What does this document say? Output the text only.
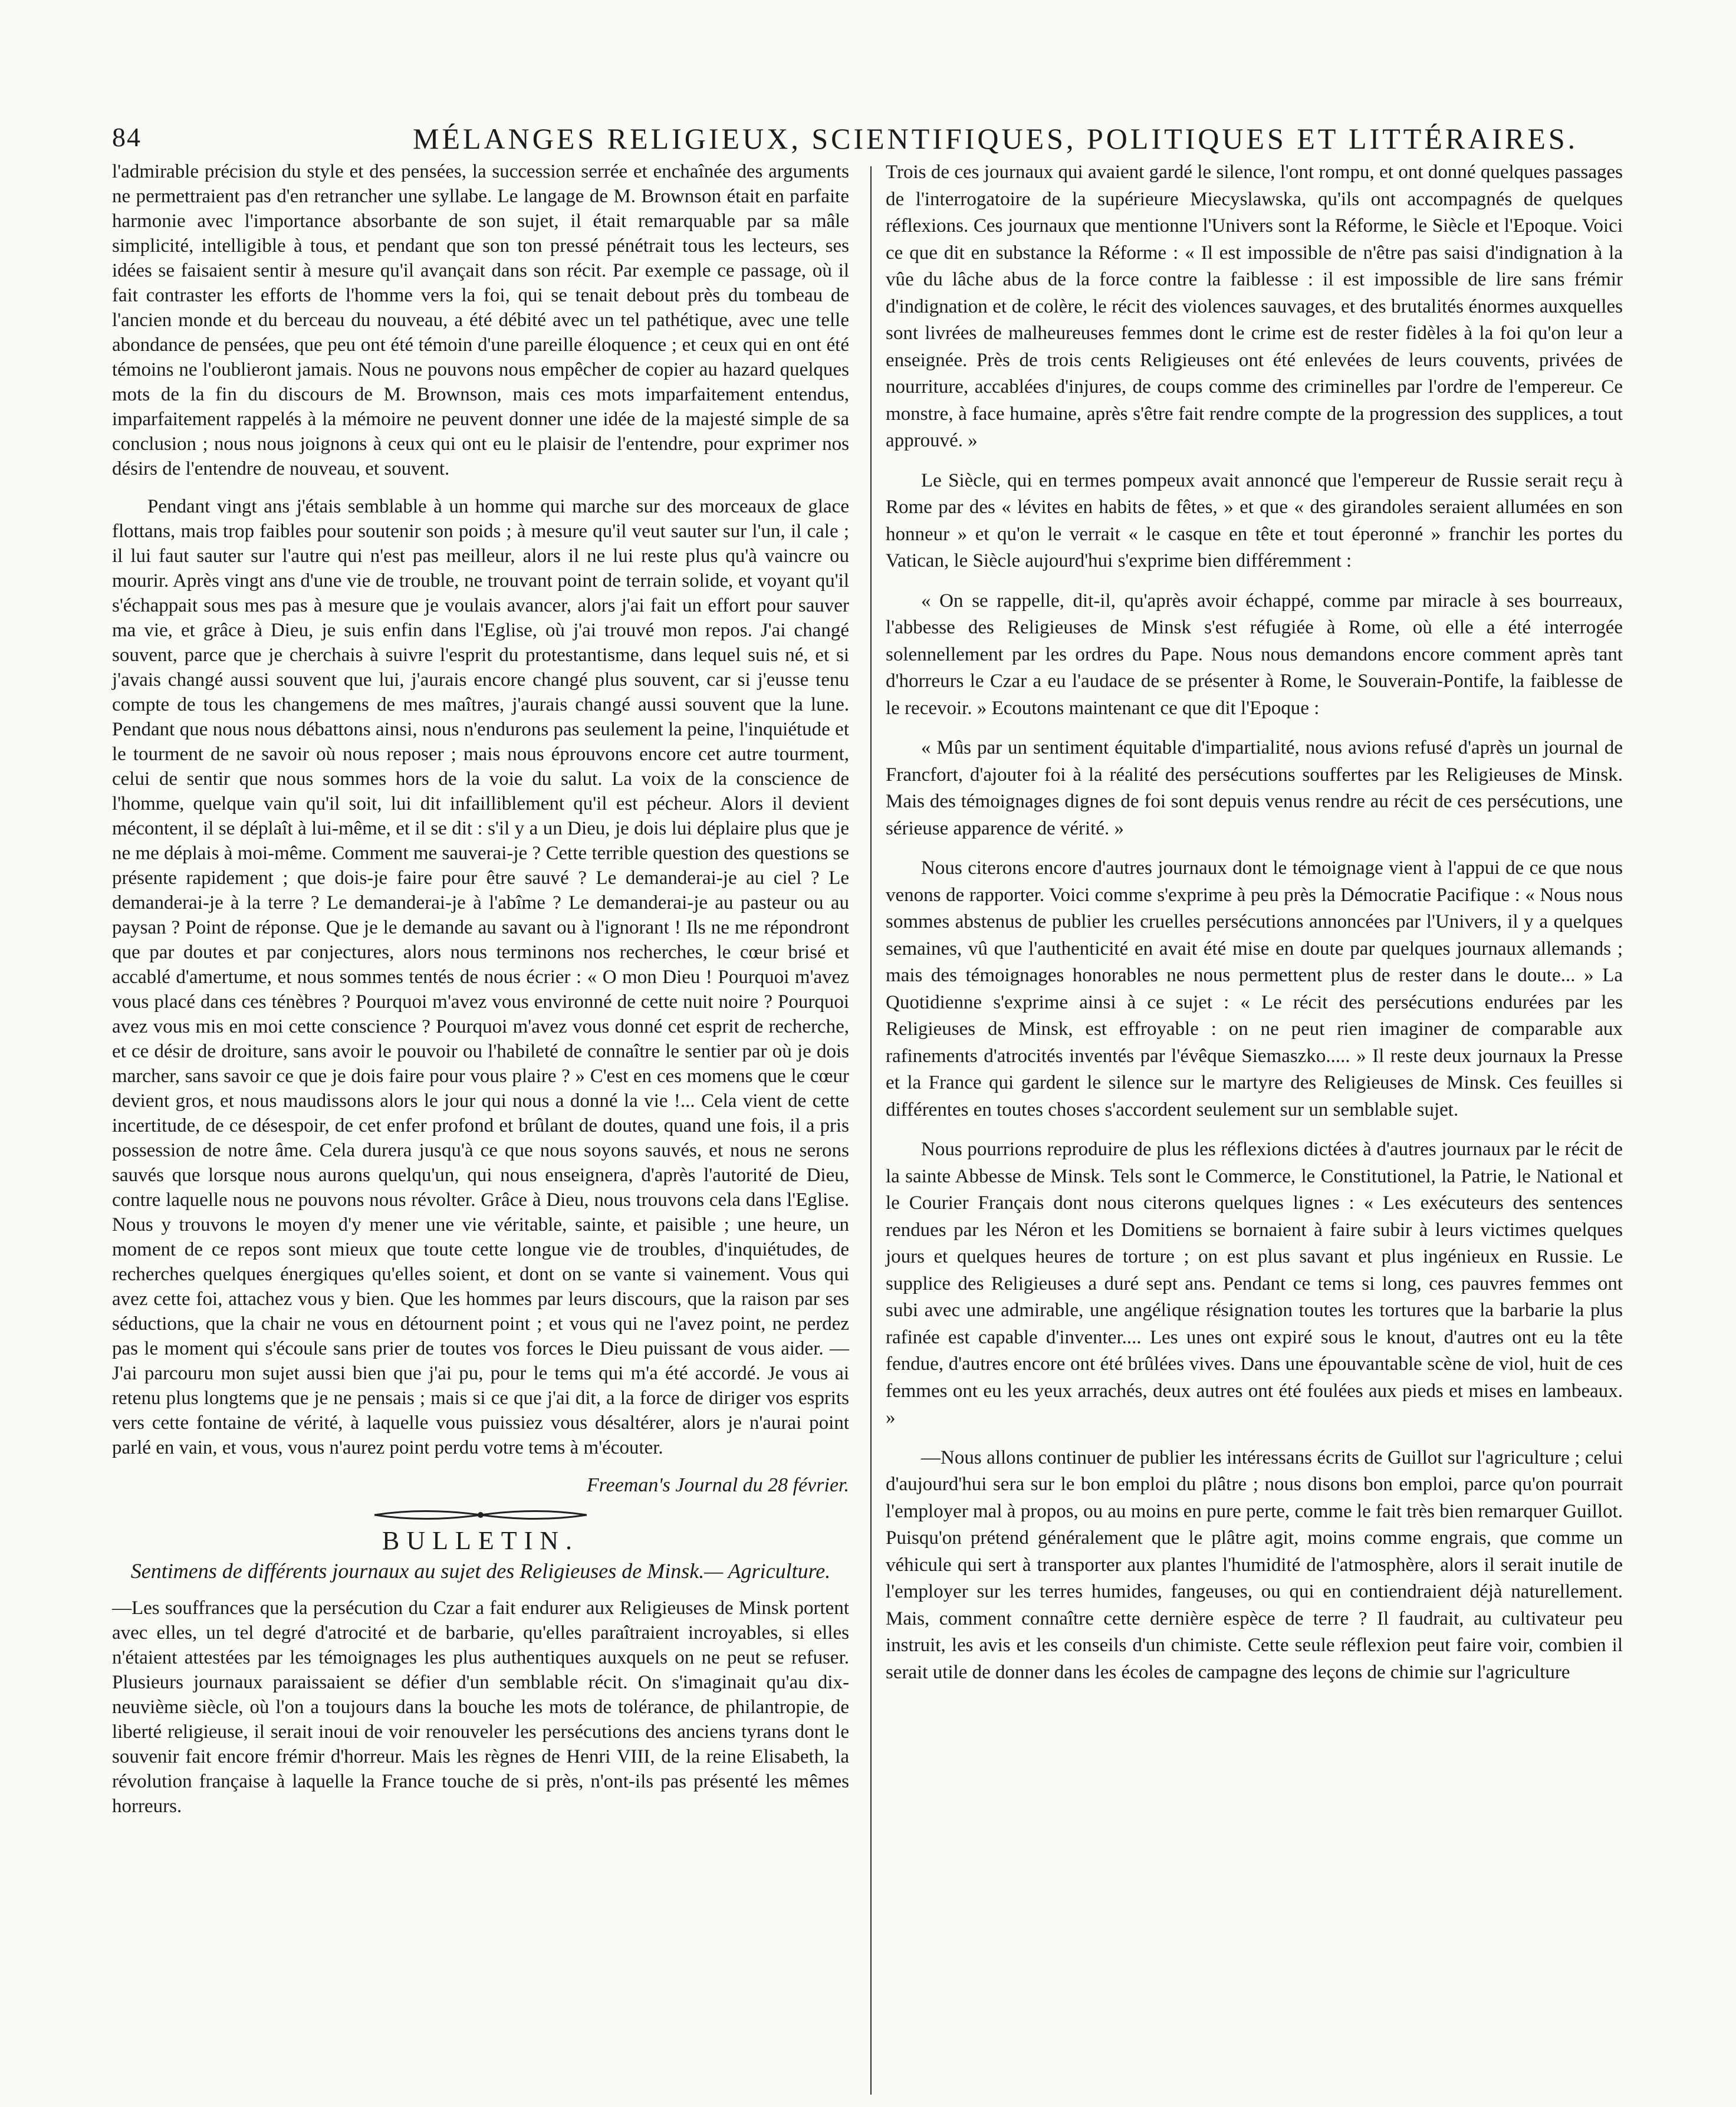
84	MÉLANGES RELIGIEUX, SCIENTIFIQUES, POLITIQUES ET LITTÉRAIRES.

l'admirable précision du style et des pensées, la succession serrée et enchaînée des arguments ne permettraient pas d'en retrancher une syllabe. Le langage de M. Brownson était en parfaite harmonie avec l'importance absorbante de son sujet, il était remarquable par sa mâle simplicité, intelligible à tous, et pendant que son ton pressé pénétrait tous les lecteurs, ses idées se faisaient sentir à mesure qu'il avançait dans son récit. Par exemple ce passage, où il fait contraster les efforts de l'homme vers la foi, qui se tenait debout près du tombeau de l'ancien monde et du berceau du nouveau, a été débité avec un tel pathétique, avec une telle abondance de pensées, que peu ont été témoin d'une pareille éloquence ; et ceux qui en ont été témoins ne l'oublieront jamais. Nous ne pouvons nous empêcher de copier au hazard quelques mots de la fin du discours de M. Brownson, mais ces mots imparfaitement entendus, imparfaitement rappelés à la mémoire ne peuvent donner une idée de la majesté simple de sa conclusion ; nous nous joignons à ceux qui ont eu le plaisir de l'entendre, pour exprimer nos désirs de l'entendre de nouveau, et souvent.

Pendant vingt ans j'étais semblable à un homme qui marche sur des morceaux de glace flottans, mais trop faibles pour soutenir son poids ; à mesure qu'il veut sauter sur l'un, il cale ; il lui faut sauter sur l'autre qui n'est pas meilleur, alors il ne lui reste plus qu'à vaincre ou mourir. Après vingt ans d'une vie de trouble, ne trouvant point de terrain solide, et voyant qu'il s'échappait sous mes pas à mesure que je voulais avancer, alors j'ai fait un effort pour sauver ma vie, et grâce à Dieu, je suis enfin dans l'Eglise, où j'ai trouvé mon repos. J'ai changé souvent, parce que je cherchais à suivre l'esprit du protestantisme, dans lequel suis né, et si j'avais changé aussi souvent que lui, j'aurais encore changé plus souvent, car si j'eusse tenu compte de tous les changemens de mes maîtres, j'aurais changé aussi souvent que la lune. Pendant que nous nous débattons ainsi, nous n'endurons pas seulement la peine, l'inquiétude et le tourment de ne savoir où nous reposer ; mais nous éprouvons encore cet autre tourment, celui de sentir que nous sommes hors de la voie du salut. La voix de la conscience de l'homme, quelque vain qu'il soit, lui dit infailliblement qu'il est pécheur. Alors il devient mécontent, il se déplaît à lui-même, et il se dit : s'il y a un Dieu, je dois lui déplaire plus que je ne me déplais à moi-même. Comment me sauverai-je ? Cette terrible question des questions se présente rapidement ; que dois-je faire pour être sauvé ? Le demanderai-je au ciel ? Le demanderai-je à la terre ? Le demanderai-je à l'abîme ? Le demanderai-je au pasteur ou au paysan ? Point de réponse. Que je le demande au savant ou à l'ignorant ! Ils ne me répondront que par doutes et par conjectures, alors nous terminons nos recherches, le cœur brisé et accablé d'amertume, et nous sommes tentés de nous écrier : « O mon Dieu ! Pourquoi m'avez vous placé dans ces ténèbres ? Pourquoi m'avez vous environné de cette nuit noire ? Pourquoi avez vous mis en moi cette conscience ? Pourquoi m'avez vous donné cet esprit de recherche, et ce désir de droiture, sans avoir le pouvoir ou l'habileté de connaître le sentier par où je dois marcher, sans savoir ce que je dois faire pour vous plaire ? » C'est en ces momens que le cœur devient gros, et nous maudissons alors le jour qui nous a donné la vie !... Cela vient de cette incertitude, de ce désespoir, de cet enfer profond et brûlant de doutes, quand une fois, il a pris possession de notre âme. Cela durera jusqu'à ce que nous soyons sauvés, et nous ne serons sauvés que lorsque nous aurons quelqu'un, qui nous enseignera, d'après l'autorité de Dieu, contre laquelle nous ne pouvons nous révolter. Grâce à Dieu, nous trouvons cela dans l'Eglise. Nous y trouvons le moyen d'y mener une vie véritable, sainte, et paisible ; une heure, un moment de ce repos sont mieux que toute cette longue vie de troubles, d'inquiétudes, de recherches quelques énergiques qu'elles soient, et dont on se vante si vainement. Vous qui avez cette foi, attachez vous y bien. Que les hommes par leurs discours, que la raison par ses séductions, que la chair ne vous en détournent point ; et vous qui ne l'avez point, ne perdez pas le moment qui s'écoule sans prier de toutes vos forces le Dieu puissant de vous aider. — J'ai parcouru mon sujet aussi bien que j'ai pu, pour le tems qui m'a été accordé. Je vous ai retenu plus longtems que je ne pensais ; mais si ce que j'ai dit, a la force de diriger vos esprits vers cette fontaine de vérité, à laquelle vous puissiez vous désaltérer, alors je n'aurai point parlé en vain, et vous, vous n'aurez point perdu votre tems à m'écouter.

Freeman's Journal du 28 février.
BULLETIN.
Sentimens de différents journaux au sujet des Religieuses de Minsk.— Agriculture.

—Les souffrances que la persécution du Czar a fait endurer aux Religieuses de Minsk portent avec elles, un tel degré d'atrocité et de barbarie, qu'elles paraîtraient incroyables, si elles n'étaient attestées par les témoignages les plus authentiques auxquels on ne peut se refuser. Plusieurs journaux paraissaient se défier d'un semblable récit. On s'imaginait qu'au dix-neuvième siècle, où l'on a toujours dans la bouche les mots de tolérance, de philantropie, de liberté religieuse, il serait inoui de voir renouveler les persécutions des anciens tyrans dont le souvenir fait encore frémir d'horreur. Mais les règnes de Henri VIII, de la reine Elisabeth, la révolution française à laquelle la France touche de si près, n'ont-ils pas présenté les mêmes horreurs.

Trois de ces journaux qui avaient gardé le silence, l'ont rompu, et ont donné quelques passages de l'interrogatoire de la supérieure Miecyslawska, qu'ils ont accompagnés de quelques réflexions. Ces journaux que mentionne l'Univers sont la Réforme, le Siècle et l'Epoque. Voici ce que dit en substance la Réforme : « Il est impossible de n'être pas saisi d'indignation à la vûe du lâche abus de la force contre la faiblesse : il est impossible de lire sans frémir d'indignation et de colère, le récit des violences sauvages, et des brutalités énormes auxquelles sont livrées de malheureuses femmes dont le crime est de rester fidèles à la foi qu'on leur a enseignée. Près de trois cents Religieuses ont été enlevées de leurs couvents, privées de nourriture, accablées d'injures, de coups comme des criminelles par l'ordre de l'empereur. Ce monstre, à face humaine, après s'être fait rendre compte de la progression des supplices, a tout approuvé. »

Le Siècle, qui en termes pompeux avait annoncé que l'empereur de Russie serait reçu à Rome par des « lévites en habits de fêtes, » et que « des girandoles seraient allumées en son honneur » et qu'on le verrait « le casque en tête et tout éperonné » franchir les portes du Vatican, le Siècle aujourd'hui s'exprime bien différemment :

« On se rappelle, dit-il, qu'après avoir échappé, comme par miracle à ses bourreaux, l'abbesse des Religieuses de Minsk s'est réfugiée à Rome, où elle a été interrogée solennellement par les ordres du Pape. Nous nous demandons encore comment après tant d'horreurs le Czar a eu l'audace de se présenter à Rome, le Souverain-Pontife, la faiblesse de le recevoir. » Ecoutons maintenant ce que dit l'Epoque :

« Mûs par un sentiment équitable d'impartialité, nous avions refusé d'après un journal de Francfort, d'ajouter foi à la réalité des persécutions souffertes par les Religieuses de Minsk. Mais des témoignages dignes de foi sont depuis venus rendre au récit de ces persécutions, une sérieuse apparence de vérité. »

Nous citerons encore d'autres journaux dont le témoignage vient à l'appui de ce que nous venons de rapporter. Voici comme s'exprime à peu près la Démocratie Pacifique : « Nous nous sommes abstenus de publier les cruelles persécutions annoncées par l'Univers, il y a quelques semaines, vû que l'authenticité en avait été mise en doute par quelques journaux allemands ; mais des témoignages honorables ne nous permettent plus de rester dans le doute... » La Quotidienne s'exprime ainsi à ce sujet : « Le récit des persécutions endurées par les Religieuses de Minsk, est effroyable : on ne peut rien imaginer de comparable aux rafinements d'atrocités inventés par l'évêque Siemaszko..... » Il reste deux journaux la Presse et la France qui gardent le silence sur le martyre des Religieuses de Minsk. Ces feuilles si différentes en toutes choses s'accordent seulement sur un semblable sujet.

Nous pourrions reproduire de plus les réflexions dictées à d'autres journaux par le récit de la sainte Abbesse de Minsk. Tels sont le Commerce, le Constitutionel, la Patrie, le National et le Courier Français dont nous citerons quelques lignes : « Les exécuteurs des sentences rendues par les Néron et les Domitiens se bornaient à faire subir à leurs victimes quelques jours et quelques heures de torture ; on est plus savant et plus ingénieux en Russie. Le supplice des Religieuses a duré sept ans. Pendant ce tems si long, ces pauvres femmes ont subi avec une admirable, une angélique résignation toutes les tortures que la barbarie la plus rafinée est capable d'inventer.... Les unes ont expiré sous le knout, d'autres ont eu la tête fendue, d'autres encore ont été brûlées vives. Dans une épouvantable scène de viol, huit de ces femmes ont eu les yeux arrachés, deux autres ont été foulées aux pieds et mises en lambeaux. »

—Nous allons continuer de publier les intéressans écrits de Guillot sur l'agriculture ; celui d'aujourd'hui sera sur le bon emploi du plâtre ; nous disons bon emploi, parce qu'on pourrait l'employer mal à propos, ou au moins en pure perte, comme le fait très bien remarquer Guillot. Puisqu'on prétend généralement que le plâtre agit, moins comme engrais, que comme un véhicule qui sert à transporter aux plantes l'humidité de l'atmosphère, alors il serait inutile de l'employer sur les terres humides, fangeuses, ou qui en contiendraient déjà naturellement. Mais, comment connaître cette dernière espèce de terre ? Il faudrait, au cultivateur peu instruit, les avis et les conseils d'un chimiste. Cette seule réflexion peut faire voir, combien il serait utile de donner dans les écoles de campagne des leçons de chimie sur l'agriculture
